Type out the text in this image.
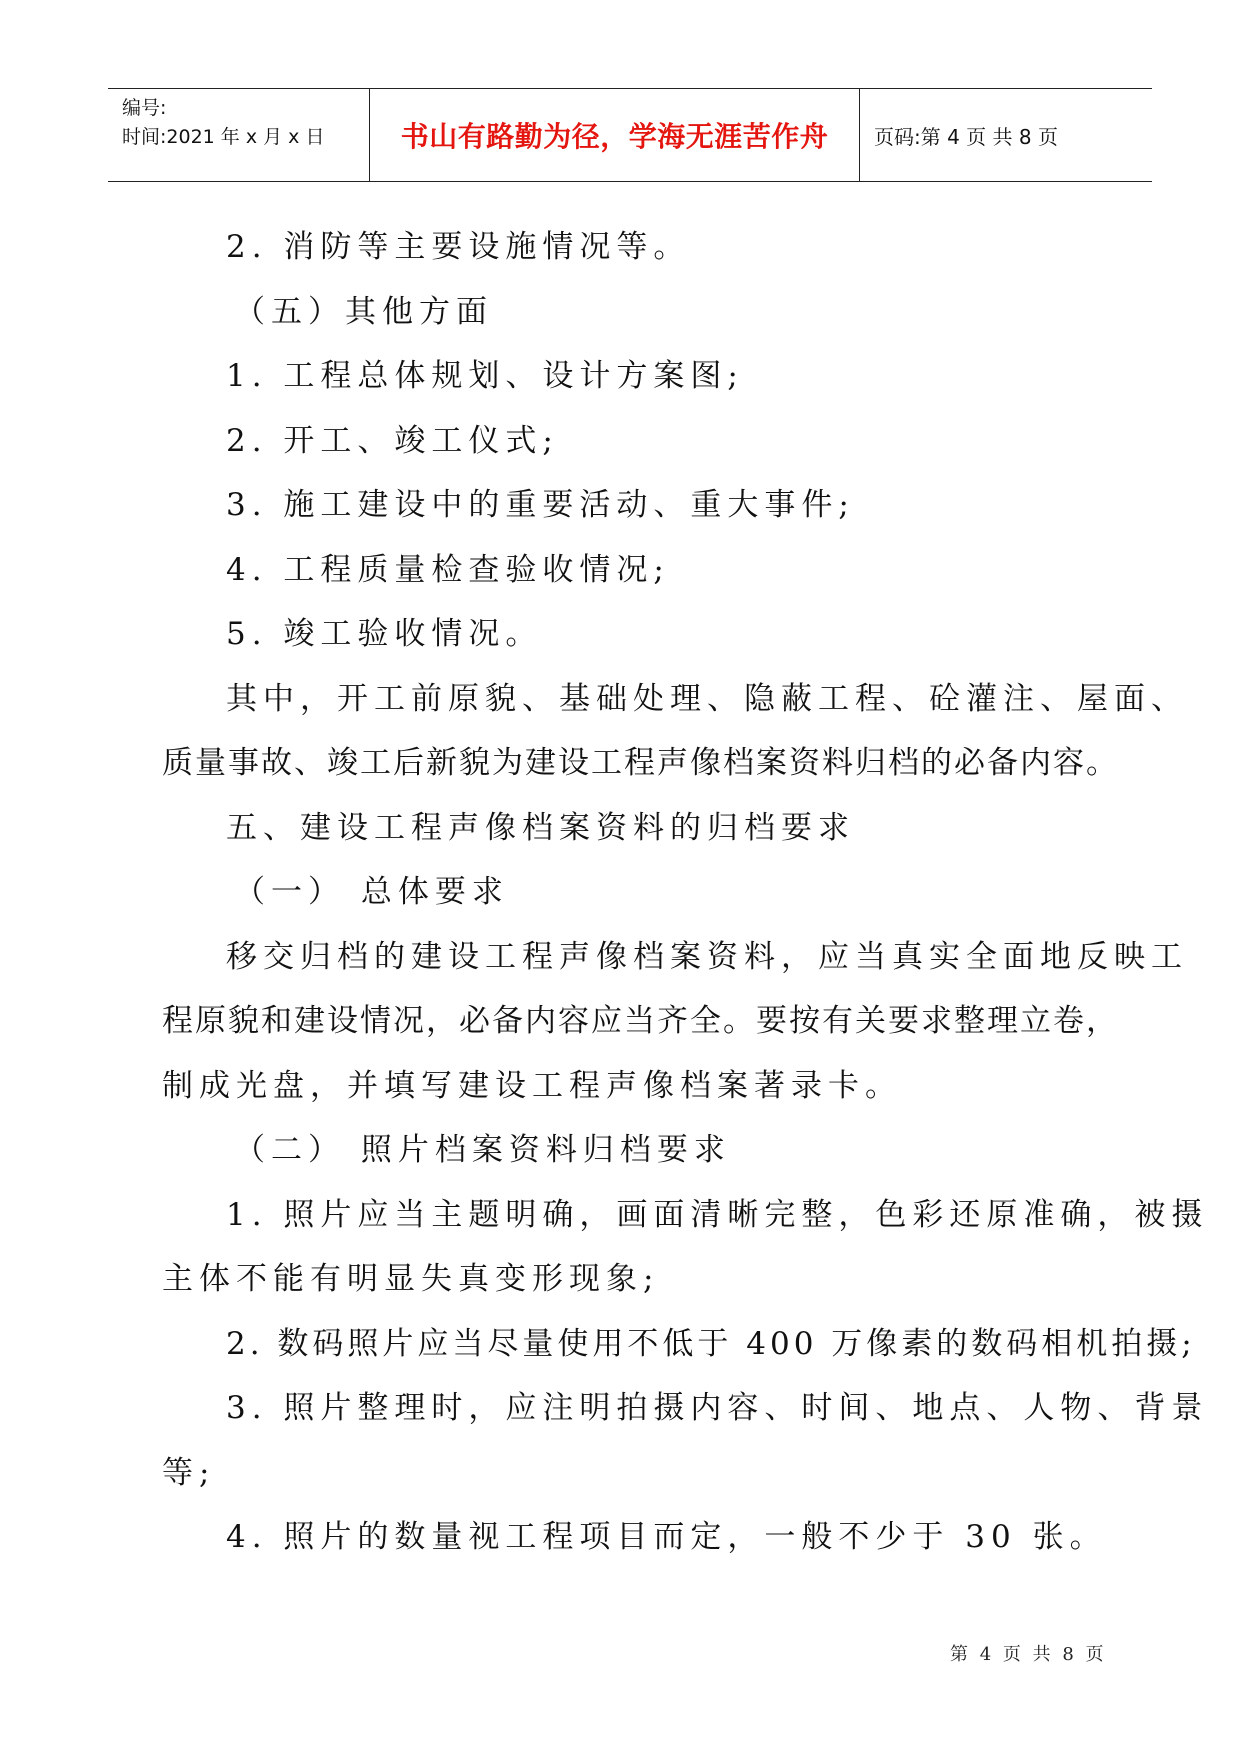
编号:
时间:2021 年 x 月 x 日	书山有路勤为径，学海无涯苦作舟 页码:第 4 页 共 8 页

2. 消防等主要设施情况等。

（五）其他方面

1. 工程总体规划、设计方案图;

2. 开工、竣工仪式;

3. 施工建设中的重要活动、重大事件;

4. 工程质量检查验收情况;

5. 竣工验收情况。

其中，开工前原貌、基础处理、隐蔽工程、砼灌注、屋面、

质量事故、竣工后新貌为建设工程声像档案资料归档的必备内容。

五、建设工程声像档案资料的归档要求

（一） 总体要求

移交归档的建设工程声像档案资料，应当真实全面地反映工

程原貌和建设情况，必备内容应当齐全。要按有关要求整理立卷，

制成光盘，并填写建设工程声像档案著录卡。

（二） 照片档案资料归档要求

1. 照片应当主题明确，画面清晰完整，色彩还原准确，被摄

主体不能有明显失真变形现象;

2. 数码照片应当尽量使用不低于 400 万像素的数码相机拍摄;

3. 照片整理时，应注明拍摄内容、时间、地点、人物、背景

等;

4. 照片的数量视工程项目而定，一般不少于 30 张。

第 4 页 共 8 页
